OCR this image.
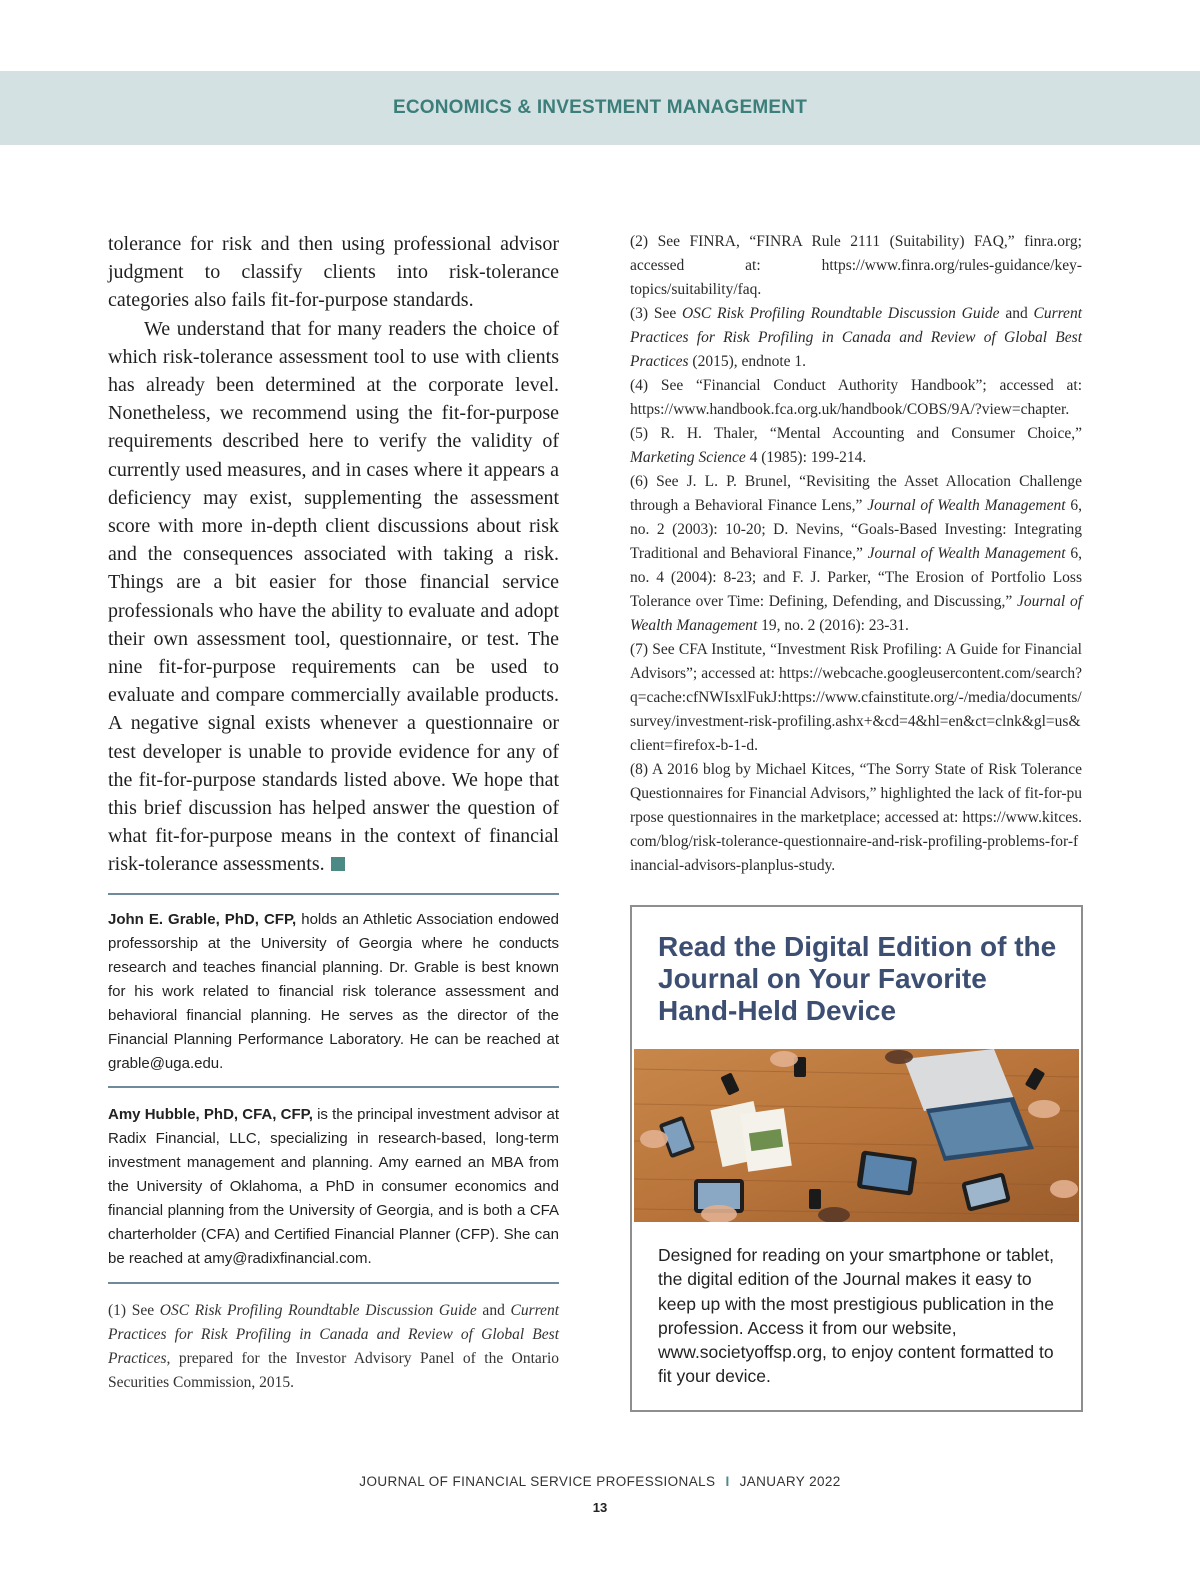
ECONOMICS & INVESTMENT MANAGEMENT

tolerance for risk and then using professional advisor judgment to classify clients into risk-tolerance categories also fails fit-for-purpose standards.

We understand that for many readers the choice of which risk-tolerance assessment tool to use with clients has already been determined at the corporate level. Nonetheless, we recommend using the fit-for-purpose requirements described here to verify the validity of currently used measures, and in cases where it appears a deficiency may exist, supplementing the assessment score with more in-depth client discussions about risk and the consequences associated with taking a risk. Things are a bit easier for those financial service professionals who have the ability to evaluate and adopt their own assessment tool, questionnaire, or test. The nine fit-for-purpose requirements can be used to evaluate and compare commercially available products. A negative signal exists whenever a questionnaire or test developer is unable to provide evidence for any of the fit-for-purpose standards listed above. We hope that this brief discussion has helped answer the question of what fit-for-purpose means in the context of financial risk-tolerance assessments.

John E. Grable, PhD, CFP, holds an Athletic Association endowed professorship at the University of Georgia where he conducts research and teaches financial planning. Dr. Grable is best known for his work related to financial risk tolerance assessment and behavioral financial planning. He serves as the director of the Financial Planning Performance Laboratory. He can be reached at grable@uga.edu.

Amy Hubble, PhD, CFA, CFP, is the principal investment advisor at Radix Financial, LLC, specializing in research-based, long-term investment management and planning. Amy earned an MBA from the University of Oklahoma, a PhD in consumer economics and financial planning from the University of Georgia, and is both a CFA charterholder (CFA) and Certified Financial Planner (CFP). She can be reached at amy@radixfinancial.com.

(1) See OSC Risk Profiling Roundtable Discussion Guide and Current Practices for Risk Profiling in Canada and Review of Global Best Practices, prepared for the Investor Advisory Panel of the Ontario Securities Commission, 2015.

(2) See FINRA, “FINRA Rule 2111 (Suitability) FAQ,” finra.org; accessed at: https://www.finra.org/rules-guidance/key-topics/suitability/faq.

(3) See OSC Risk Profiling Roundtable Discussion Guide and Current Practices for Risk Profiling in Canada and Review of Global Best Practices (2015), endnote 1.

(4) See “Financial Conduct Authority Handbook”; accessed at: https://www.handbook.fca.org.uk/handbook/COBS/9A/?view=chapter.

(5) R. H. Thaler, “Mental Accounting and Consumer Choice,” Marketing Science 4 (1985): 199-214.

(6) See J. L. P. Brunel, “Revisiting the Asset Allocation Challenge through a Behavioral Finance Lens,” Journal of Wealth Management 6, no. 2 (2003): 10-20; D. Nevins, “Goals-Based Investing: Integrating Traditional and Behavioral Finance,” Journal of Wealth Management 6, no. 4 (2004): 8-23; and F. J. Parker, “The Erosion of Portfolio Loss Tolerance over Time: Defining, Defending, and Discussing,” Journal of Wealth Management 19, no. 2 (2016): 23-31.

(7) See CFA Institute, “Investment Risk Profiling: A Guide for Financial Advisors”; accessed at: https://webcache.googleusercontent.com/search?q=cache:cfNWIsxlFukJ:https://www.cfainstitute.org/-/media/documents/survey/investment-risk-profiling.ashx+&cd=4&hl=en&ct=clnk&gl=us&client=firefox-b-1-d.

(8) A 2016 blog by Michael Kitces, “The Sorry State of Risk Tolerance Questionnaires for Financial Advisors,” highlighted the lack of fit-for-purpose questionnaires in the marketplace; accessed at: https://www.kitces.com/blog/risk-tolerance-questionnaire-and-risk-profiling-problems-for-financial-advisors-planplus-study.

Read the Digital Edition of the Journal on Your Favorite Hand-Held Device
Designed for reading on your smartphone or tablet, the digital edition of the Journal makes it easy to keep up with the most prestigious publication in the profession. Access it from our website, www.societyoffsp.org, to enjoy content formatted to fit your device.
JOURNAL OF FINANCIAL SERVICE PROFESSIONALS I JANUARY 2022
13
